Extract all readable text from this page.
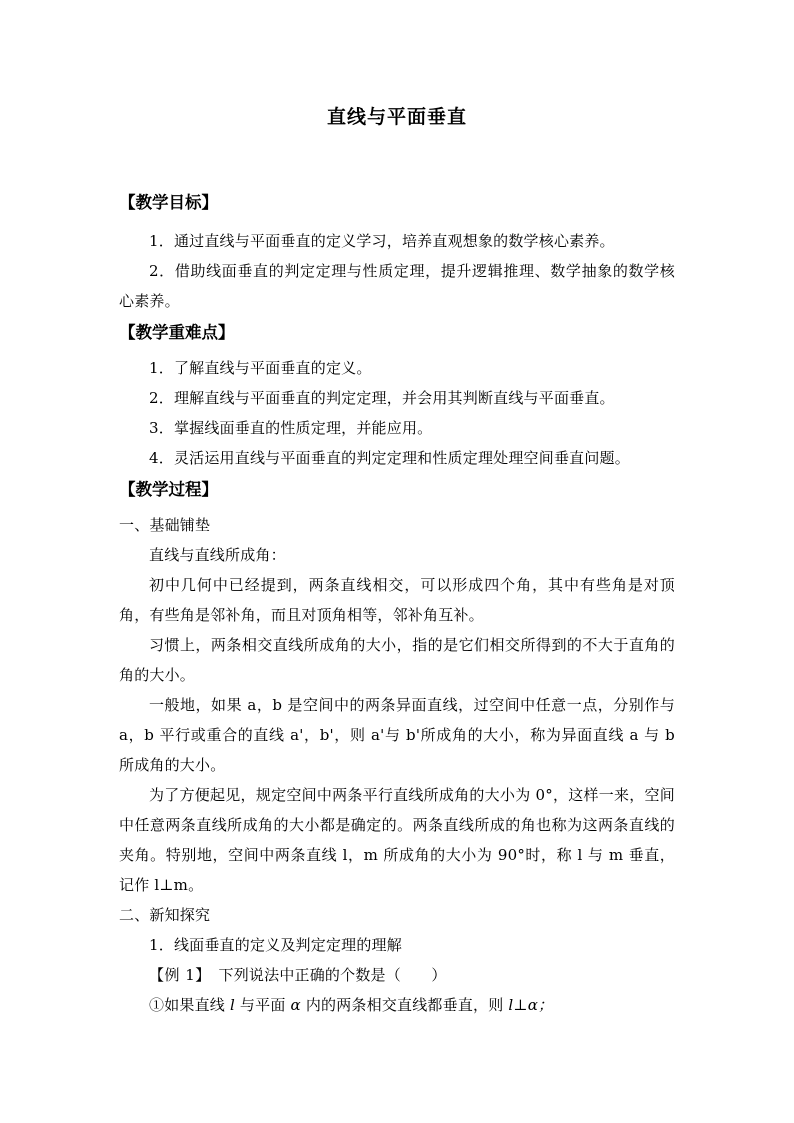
直线与平面垂直
【教学目标】

1．通过直线与平面垂直的定义学习，培养直观想象的数学核心素养。

2．借助线面垂直的判定定理与性质定理，提升逻辑推理、数学抽象的数学核心素养。

【教学重难点】

1．了解直线与平面垂直的定义。

2．理解直线与平面垂直的判定定理，并会用其判断直线与平面垂直。

3．掌握线面垂直的性质定理，并能应用。

4．灵活运用直线与平面垂直的判定定理和性质定理处理空间垂直问题。

【教学过程】

一、基础铺垫

直线与直线所成角：

初中几何中已经提到，两条直线相交，可以形成四个角，其中有些角是对顶角，有些角是邻补角，而且对顶角相等，邻补角互补。

习惯上，两条相交直线所成角的大小，指的是它们相交所得到的不大于直角的角的大小。

一般地，如果 a，b 是空间中的两条异面直线，过空间中任意一点，分别作与 a，b 平行或重合的直线 a'，b'，则 a'与 b'所成角的大小，称为异面直线 a 与 b 所成角的大小。

为了方便起见，规定空间中两条平行直线所成角的大小为 0°，这样一来，空间中任意两条直线所成角的大小都是确定的。两条直线所成的角也称为这两条直线的夹角。特别地，空间中两条直线 l，m 所成角的大小为 90°时，称 l 与 m 垂直，记作 l⊥m。

二、新知探究

1．线面垂直的定义及判定定理的理解

【例 1】　 下列说法中正确的个数是（　　）

①如果直线 l 与平面 α 内的两条相交直线都垂直，则 l⊥α；
